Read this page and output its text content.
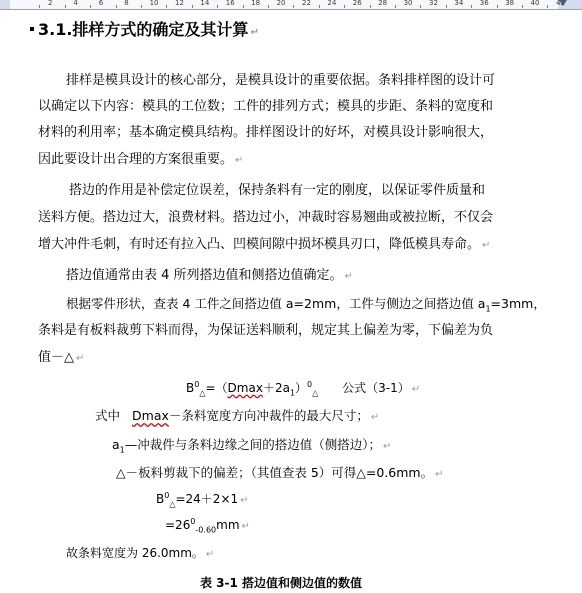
2	4	6	8	10 12 14 16 18 20 22 24 26 28 30 32 34 36 38 40 42
3.1.排样方式的确定及其计算 ↵
排样是模具设计的核心部分，是模具设计的重要依据。条料排样图的设计可
以确定以下内容：模具的工位数；工件的排列方式；模具的步距、条料的宽度和
材料的利用率；基本确定模具结构。排样图设计的好坏，对模具设计影响很大，
因此要设计出合理的方案很重要。 ↵
搭边的作用是补偿定位误差，保持条料有一定的刚度，以保证零件质量和
送料方便。搭边过大，浪费材料。搭边过小，冲裁时容易翘曲或被拉断，不仅会
增大冲件毛刺，有时还有拉入凸、凹模间隙中损坏模具刃口，降低模具寿命。 ↵
搭边值通常由表 4 所列搭边值和侧搭边值确定。 ↵
根据零件形状，查表 4 工件之间搭边值 a=2mm，工件与侧边之间搭边值 $a_1=3mm$，
条料是有板料裁剪下料而得，为保证送料顺利，规定其上偏差为零，下偏差为负
值－△ ↵
$B^0_\triangle=(Dmax+2a_1)^0_\triangle$ 公式（3-1） ↵
式中 Dmax－条料宽度方向冲裁件的最大尺寸； ↵
$a_1—$冲裁件与条料边缘之间的搭边值（侧搭边）； ↵
△－板料剪裁下的偏差；（其值查表 5）可得△=0.6mm。 ↵
$B^0_\triangle=24+2\times 1$ ↵
$=26^0_{-0.60}mm$ ↵
故条料宽度为 26.0mm。 ↵
表 3-1 搭边值和侧边值的数值
